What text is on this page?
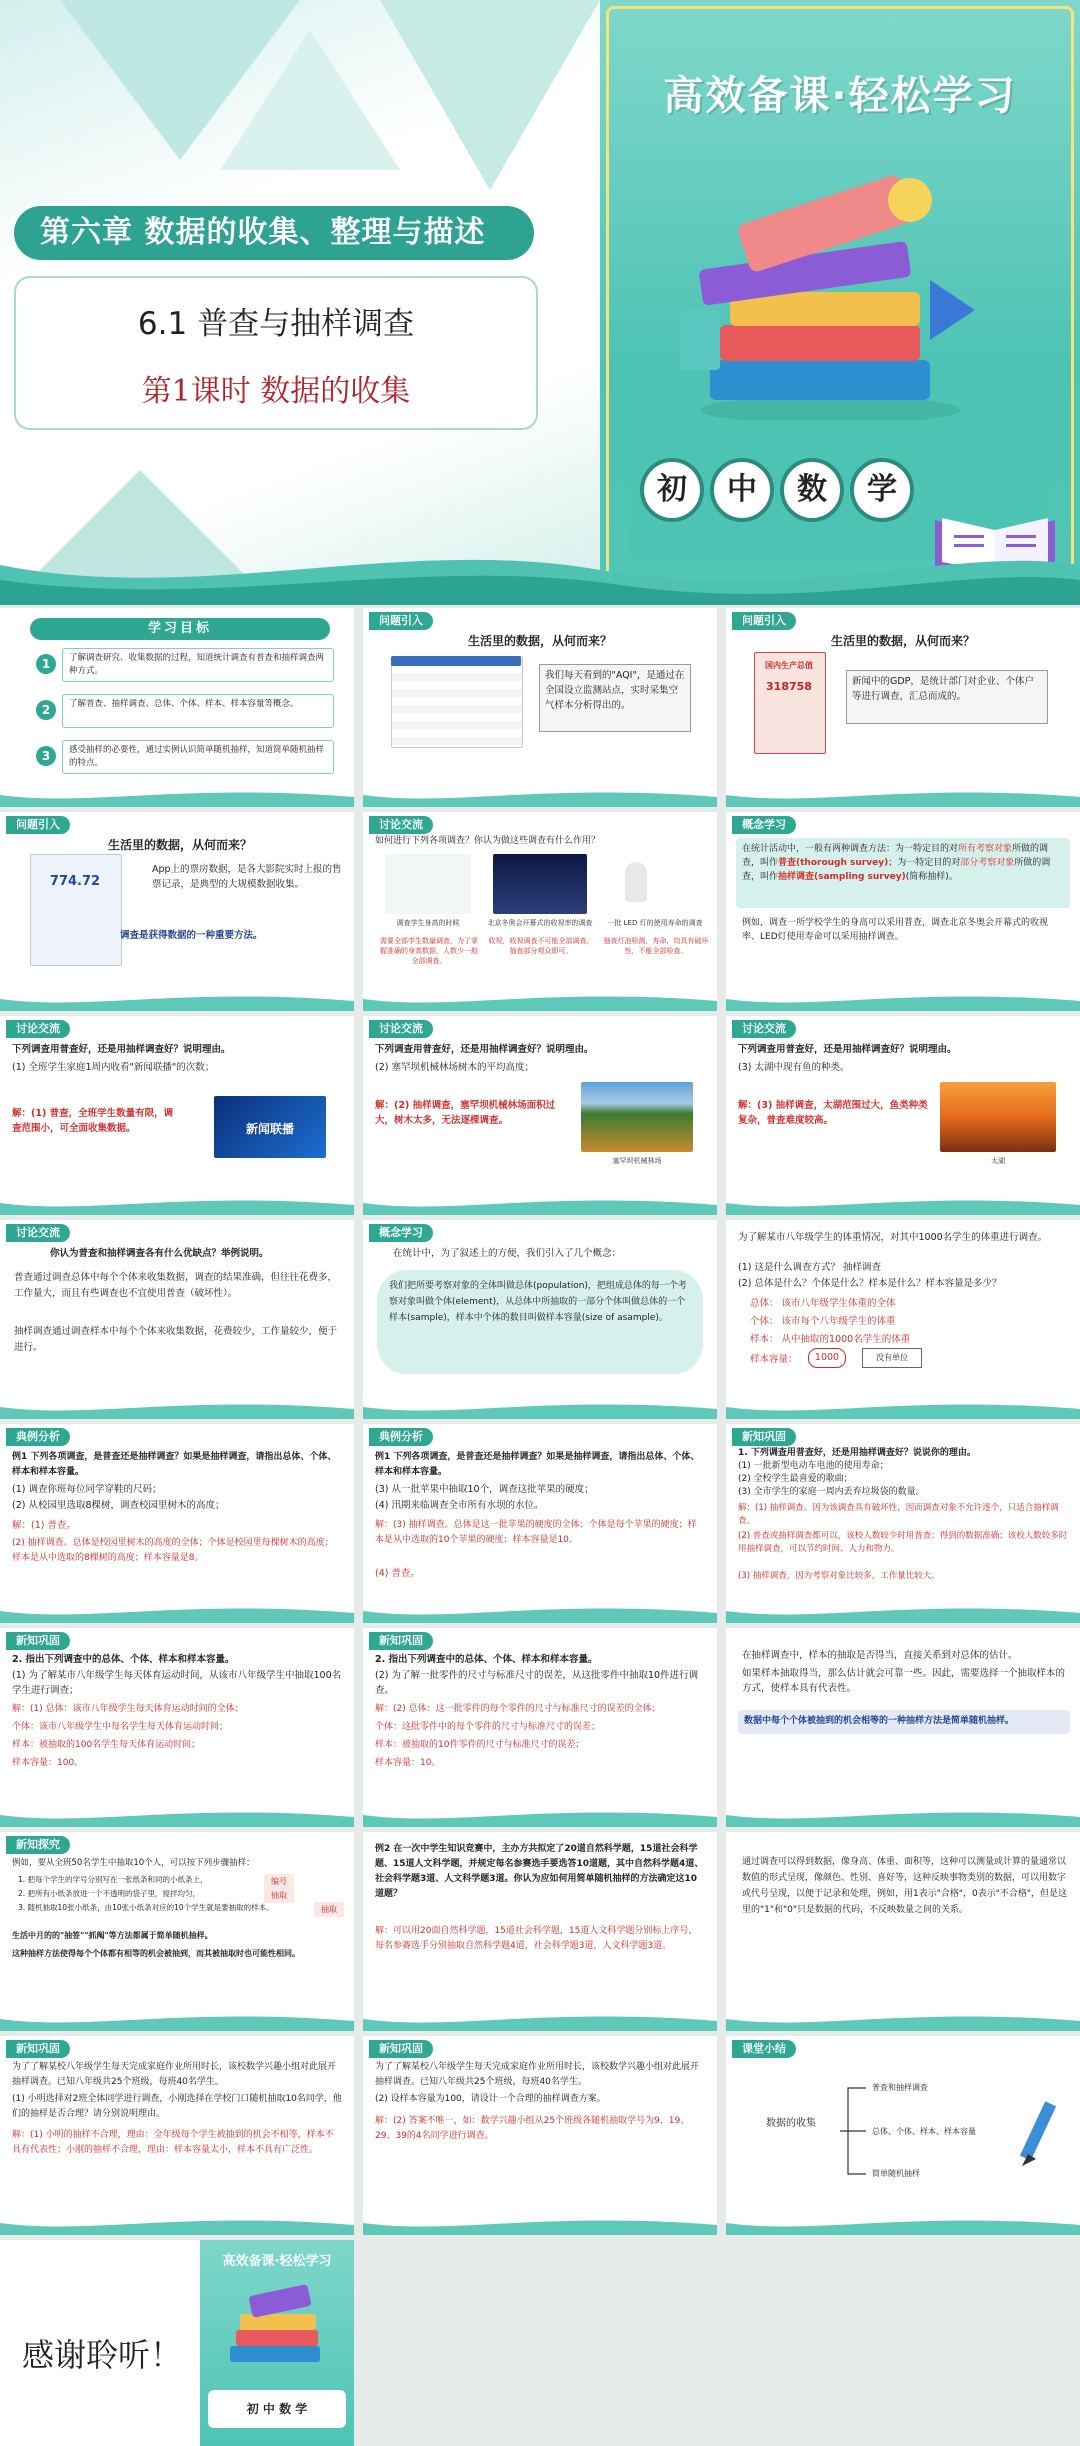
第六章 数据的收集、整理与描述
6.1 普查与抽样调查
第1课时 数据的收集
高效备课·轻松学习
初	中	数	学
学习目标
1	了解调查研究、收集数据的过程，知道统计调查有普查和抽样调查两种方式。
2	了解普查、抽样调查、总体、个体、样本、样本容量等概念。
3	感受抽样的必要性，通过实例认识简单随机抽样，知道简单随机抽样的特点。
问题引入
生活里的数据，从何而来？
我们每天看到的"AQI"，是通过在全国设立监测站点，实时采集空气样本分析得出的。
问题引入
生活里的数据，从何而来？
国内生产总值
318758	新闻中的GDP，是统计部门对企业、个体户等进行调查，汇总而成的。
问题引入
生活里的数据，从何而来？
774.72
App上的票房数据，是各大影院实时上报的售票记录，是典型的大规模数据收集。
调查是获得数据的一种重要方法。
讨论交流
如何进行下列各项调查？你认为做这些调查有什么作用？
调查学生身高的时候	北京冬奥会开幕式的收视率的调查	一批 LED 灯的使用寿命的调查
需要全部学生数量调查，为了掌握准确的身高数据，人数少一般全部调查。
收视，收视调查不可能全部调查，抽查部分观众即可。
抽查灯泡检测，寿命，均具有破坏性，不能全部检查。
概念学习
在统计活动中，一般有两种调查方法：为一特定目的对所有考察对象所做的调查，叫作普查(thorough survey)；为一特定目的对部分考察对象所做的调查，叫作抽样调查(sampling survey)(简称抽样)。
例如，调查一所学校学生的身高可以采用普查，调查北京冬奥会开幕式的收视率、LED灯使用寿命可以采用抽样调查。
讨论交流
下列调查用普查好，还是用抽样调查好？说明理由。
(1) 全班学生家庭1周内收看"新闻联播"的次数；
解：(1) 普查，全班学生数量有限，调查范围小，可全面收集数据。	新闻联播
讨论交流
下列调查用普查好，还是用抽样调查好？说明理由。
(2) 塞罕坝机械林场树木的平均高度；
解：(2) 抽样调查，塞罕坝机械林场面积过大，树木太多，无法逐棵调查。
塞罕坝机械林场
讨论交流
下列调查用普查好，还是用抽样调查好？说明理由。
(3) 太湖中现有鱼的种类。
解：(3) 抽样调查，太湖范围过大，鱼类种类复杂，普查难度较高。
太湖
讨论交流
你认为普查和抽样调查各有什么优缺点？举例说明。
普查通过调查总体中每个个体来收集数据，调查的结果准确，但往往花费多，工作量大，而且有些调查也不宜使用普查（破坏性）。
抽样调查通过调查样本中每个个体来收集数据，花费较少，工作量较少，便于进行。
概念学习
在统计中，为了叙述上的方便，我们引入了几个概念：
我们把所要考察对象的全体叫做总体(population)，把组成总体的每一个考察对象叫做个体(element)，从总体中所抽取的一部分个体叫做总体的一个样本(sample)，样本中个体的数目叫做样本容量(size of asample)。
为了解某市八年级学生的体重情况，对其中1000名学生的体重进行调查。
(1) 这是什么调查方式？ 抽样调查
(2) 总体是什么？个体是什么？样本是什么？样本容量是多少？
总体： 该市八年级学生体重的全体
个体： 该市每个八年级学生的体重
样本： 从中抽取的1000名学生的体重
样本容量：	1000	没有单位
典例分析
例1 下列各项调查，是普查还是抽样调查？如果是抽样调查，请指出总体、个体、样本和样本容量。
(1) 调查你班每位同学穿鞋的尺码；
(2) 从校园里选取8棵树，调查校园里树木的高度；
解：(1) 普查。
(2) 抽样调查。总体是校园里树木的高度的全体；个体是校园里每棵树木的高度；样本是从中选取的8棵树的高度；样本容量是8。
典例分析
例1 下列各项调查，是普查还是抽样调查？如果是抽样调查，请指出总体、个体、样本和样本容量。
(3) 从一批苹果中抽取10个，调查这批苹果的硬度；
(4) 汛期来临调查全市所有水坝的水位。
解：(3) 抽样调查。总体是这一批苹果的硬度的全体；个体是每个苹果的硬度；样本是从中选取的10个苹果的硬度；样本容量是10。
(4) 普查。
新知巩固
1. 下列调查用普查好，还是用抽样调查好？说说你的理由。
(1) 一批新型电动车电池的使用寿命；
(2) 全校学生最喜爱的歌曲；
(3) 全市学生的家庭一周内丢弃垃圾袋的数量。
解：(1) 抽样调查。因为该调查具有破坏性，因而调查对象不允许逐个，只适合抽样调查。
(2) 普查或抽样调查都可以，该校人数较少时用普查；得到的数据准确；该校人数较多时用抽样调查，可以节约时间、人力和物力。
(3) 抽样调查，因为考察对象比较多，工作量比较大。
新知巩固
2. 指出下列调查中的总体、个体、样本和样本容量。
(1) 为了解某市八年级学生每天体育运动时间，从该市八年级学生中抽取100名学生进行调查；
解：(1) 总体：该市八年级学生每天体育运动时间的全体；
个体：该市八年级学生中每名学生每天体育运动时间；
样本：被抽取的100名学生每天体育运动时间；
样本容量：100。
新知巩固
2. 指出下列调查中的总体、个体、样本和样本容量。
(2) 为了解一批零件的尺寸与标准尺寸的误差，从这批零件中抽取10件进行调查。
解：(2) 总体：这一批零件的每个零件的尺寸与标准尺寸的误差的全体；
个体：这批零件中的每个零件的尺寸与标准尺寸的误差；
样本：被抽取的10件零件的尺寸与标准尺寸的误差；
样本容量：10。
在抽样调查中，样本的抽取是否得当，直接关系到对总体的估计。
如果样本抽取得当，那么估计就会可靠一些。因此，需要选择一个抽取样本的方式，使样本具有代表性。
数据中每个个体被抽到的机会相等的一种抽样方法是简单随机抽样。
新知探究
例如，要从全班50名学生中抽取10个人，可以按下列步骤抽样：
1. 把每个学生的学号分别写在一张纸条和同的小纸条上，
2. 把所有小纸条放进一个不透明的袋子里，搅拌均匀，
3. 随机抽取10张小纸条，由10张小纸条对应的10个学生就是要抽取的样本。
编号
抽取
抽取
生活中月的的"抽签""抓阄"等方法都属于简单随机抽样。
这种抽样方法使得每个个体都有相等的机会被抽到，而其被抽取时也可能性相同。
例2 在一次中学生知识竞赛中，主办方共拟定了20道自然科学题，15道社会科学题、15道人文科学题，并规定每名参赛选手要选答10道题，其中自然科学题4道、社会科学题3道、人文科学题3道。你认为应如何用简单随机抽样的方法确定这10道题？
解：可以用20面自然科学题，15道社会科学题，15道人文科学题分别标上序号，每名参赛选手分别抽取自然科学题4道，社会科学题3道，人文科学题3道。
通过调查可以得到数据，像身高、体重、面积等，这种可以测量或计算的量通常以数值的形式呈现，像颜色、性别、喜好等，这种反映事物类别的数据，可以用数字或代号呈现，以便于记录和处理，例如，用1表示"合格"，0表示"不合格"，但是这里的"1"和"0"只是数据的代码，不反映数量之间的关系。
新知巩固
为了了解某校八年级学生每天完成家庭作业所用时长，该校数学兴趣小组对此展开抽样调查。已知八年级共25个班级，每班40名学生。
(1) 小明选择对2班全体同学进行调查，小刚选择在学校门口随机抽取10名同学，他们的抽样是否合理？请分别说明理由。
解：(1) 小明的抽样不合理，理由：全年级每个学生被抽到的机会不相等，样本不具有代表性；小刚的抽样不合理，理由：样本容量太小，样本不具有广泛性。
新知巩固
为了了解某校八年级学生每天完成家庭作业所用时长，该校数学兴趣小组对此展开抽样调查。已知八年级共25个班级，每班40名学生。
(2) 设样本容量为100，请设计一个合理的抽样调查方案。
解：(2) 答案不唯一，如：数学兴趣小组从25个班级各随机抽取学号为9、19、29、39的4名同学进行调查。
课堂小结
数据的收集
普查和抽样调查
总体、个体、样本、样本容量
简单随机抽样
感谢聆听！
高效备课·轻松学习
初 中 数 学
